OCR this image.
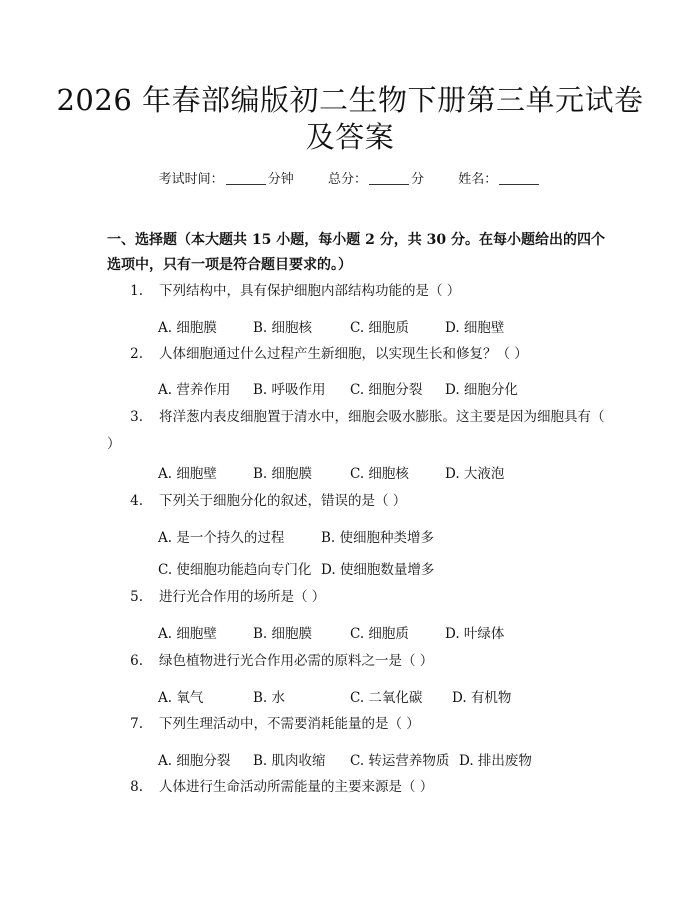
2026 年春部编版初二生物下册第三单元试卷
及答案
考试时间：	分钟	总分：	分	姓名：
一、选择题（本大题共 15 小题，每小题 2 分，共 30 分。在每小题给出的四个选项中，只有一项是符合题目要求的。）
1. 下列结构中，具有保护细胞内部结构功能的是（ ）
A. 细胞膜	B. 细胞核	C. 细胞质	D. 细胞壁
2. 人体细胞通过什么过程产生新细胞，以实现生长和修复？（ ）
A. 营养作用 B. 呼吸作用 C. 细胞分裂 D. 细胞分化
3. 将洋葱内表皮细胞置于清水中，细胞会吸水膨胀。这主要是因为细胞具有（ ）
A. 细胞壁	B. 细胞膜	C. 细胞核	D. 大液泡
4. 下列关于细胞分化的叙述，错误的是（ ）
A. 是一个持久的过程	B. 使细胞种类增多
C. 使细胞功能趋向专门化 D. 使细胞数量增多
5. 进行光合作用的场所是（ ）
A. 细胞壁	B. 细胞膜	C. 细胞质	D. 叶绿体
6. 绿色植物进行光合作用必需的原料之一是（ ）
A. 氧气	B. 水	C. 二氧化碳 D. 有机物
7. 下列生理活动中，不需要消耗能量的是（ ）
A. 细胞分裂 B. 肌肉收缩 C. 转运营养物质 D. 排出废物
8. 人体进行生命活动所需能量的主要来源是（ ）
